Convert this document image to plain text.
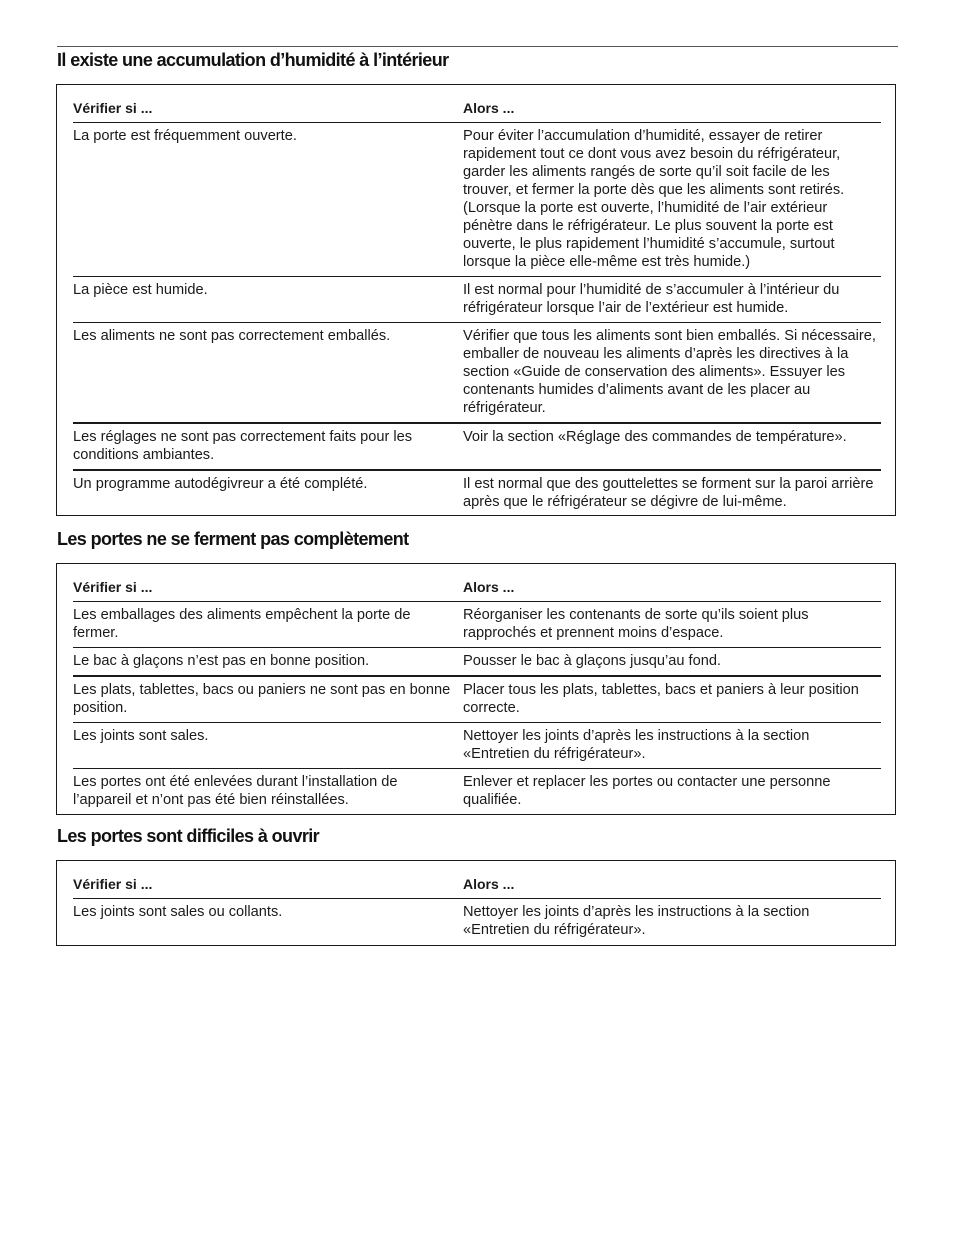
Il existe une accumulation d’humidité à l’intérieur
Vérifier si ...	Alors ...
La porte est fréquemment ouverte.	Pour éviter l’accumulation d’humidité, essayer de retirer rapidement tout ce dont vous avez besoin du réfrigérateur, garder les aliments rangés de sorte qu’il soit facile de les trouver, et fermer la porte dès que les aliments sont retirés. (Lorsque la porte est ouverte, l’humidité de l’air extérieur pénètre dans le réfrigérateur. Le plus souvent la porte est ouverte, le plus rapidement l’humidité s’accumule, surtout lorsque la pièce elle-même est très humide.)
La pièce est humide.	Il est normal pour l’humidité de s’accumuler à l’intérieur du réfrigérateur lorsque l’air de l’extérieur est humide.
Les aliments ne sont pas correctement emballés.	Vérifier que tous les aliments sont bien emballés. Si nécessaire, emballer de nouveau les aliments d’après les directives à la section «Guide de conservation des aliments». Essuyer les contenants humides d’aliments avant de les placer au réfrigérateur.
Les réglages ne sont pas correctement faits pour les conditions ambiantes.	Voir la section «Réglage des commandes de température».
Un programme autodégivreur a été complété.	Il est normal que des gouttelettes se forment sur la paroi arrière après que le réfrigérateur se dégivre de lui-même.
Les portes ne se ferment pas complètement
Vérifier si ...	Alors ...
Les emballages des aliments empêchent la porte de fermer.	Réorganiser les contenants de sorte qu’ils soient plus rapprochés et prennent moins d’espace.
Le bac à glaçons n’est pas en bonne position.	Pousser le bac à glaçons jusqu’au fond.
Les plats, tablettes, bacs ou paniers ne sont pas en bonne position.	Placer tous les plats, tablettes, bacs et paniers à leur position correcte.
Les joints sont sales.	Nettoyer les joints d’après les instructions à la section «Entretien du réfrigérateur».
Les portes ont été enlevées durant l’installation de l’appareil et n’ont pas été bien réinstallées.	Enlever et replacer les portes ou contacter une personne qualifiée.
Les portes sont difficiles à ouvrir
Vérifier si ...	Alors ...
Les joints sont sales ou collants.	Nettoyer les joints d’après les instructions à la section «Entretien du réfrigérateur».
